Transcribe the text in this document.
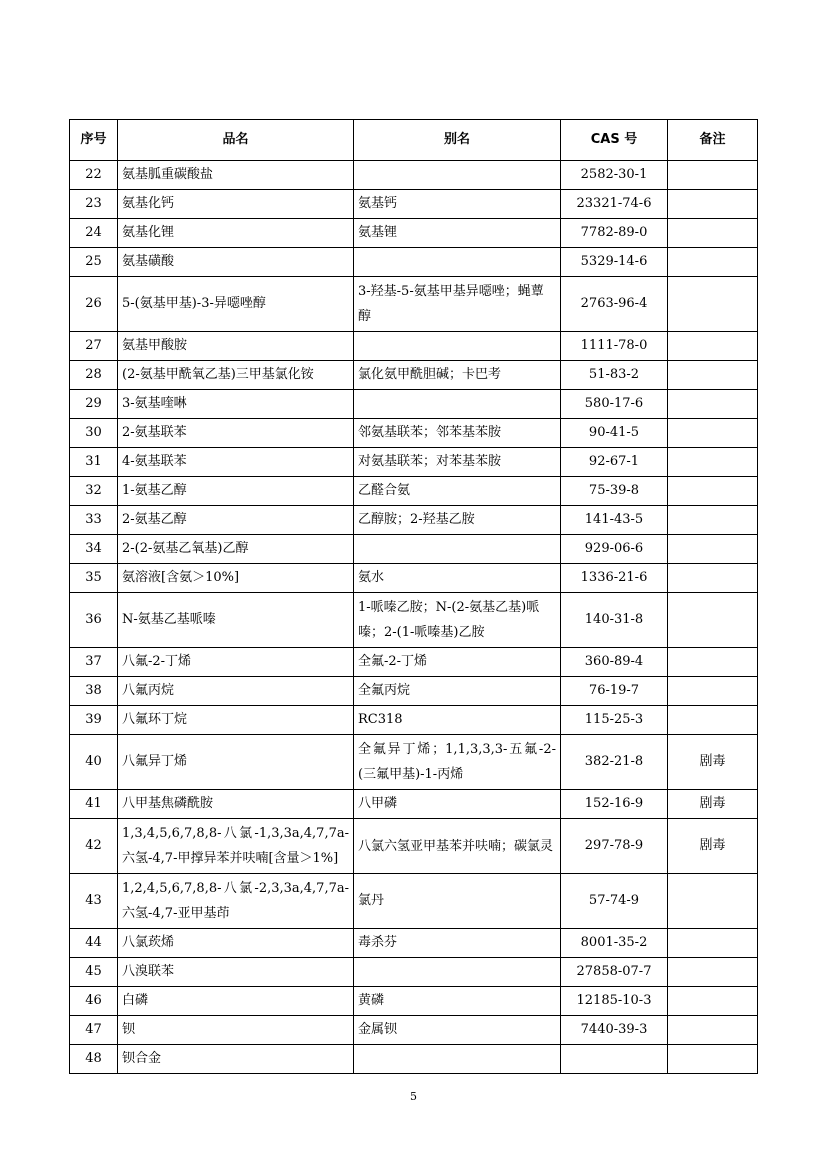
序号	品名	别名	CAS 号	备注
22	氨基胍重碳酸盐		2582-30-1	
23	氨基化钙	氨基钙	23321-74-6	
24	氨基化锂	氨基锂	7782-89-0	
25	氨基磺酸		5329-14-6	
26	5-(氨基甲基)-3-异噁唑醇	3-羟基-5-氨基甲基异噁唑；蝇蕈醇	2763-96-4	
27	氨基甲酸胺		1111-78-0	
28	(2-氨基甲酰氧乙基)三甲基氯化铵	氯化氨甲酰胆碱；卡巴考	51-83-2	
29	3-氨基喹啉		580-17-6	
30	2-氨基联苯	邻氨基联苯；邻苯基苯胺	90-41-5	
31	4-氨基联苯	对氨基联苯；对苯基苯胺	92-67-1	
32	1-氨基乙醇	乙醛合氨	75-39-8	
33	2-氨基乙醇	乙醇胺；2-羟基乙胺	141-43-5	
34	2-(2-氨基乙氧基)乙醇		929-06-6	
35	氨溶液[含氨＞10%]	氨水	1336-21-6	
36	N-氨基乙基哌嗪	1-哌嗪乙胺；N-(2-氨基乙基)哌嗪；2-(1-哌嗪基)乙胺	140-31-8	
37	八氟-2-丁烯	全氟-2-丁烯	360-89-4	
38	八氟丙烷	全氟丙烷	76-19-7	
39	八氟环丁烷	RC318	115-25-3	
40	八氟异丁烯	全氟异丁烯；1,1,3,3,3-五氟-2-(三氟甲基)-1-丙烯	382-21-8	剧毒
41	八甲基焦磷酰胺	八甲磷	152-16-9	剧毒
42	1,3,4,5,6,7,8,8-八氯-1,3,3a,4,7,7a-六氢-4,7-甲撑异苯并呋喃[含量＞1%]	八氯六氢亚甲基苯并呋喃；碳氯灵	297-78-9	剧毒
43	1,2,4,5,6,7,8,8-八氯-2,3,3a,4,7,7a-六氢-4,7-亚甲基茚	氯丹	57-74-9	
44	八氯莰烯	毒杀芬	8001-35-2	
45	八溴联苯		27858-07-7	
46	白磷	黄磷	12185-10-3	
47	钡	金属钡	7440-39-3	
48	钡合金			
5
